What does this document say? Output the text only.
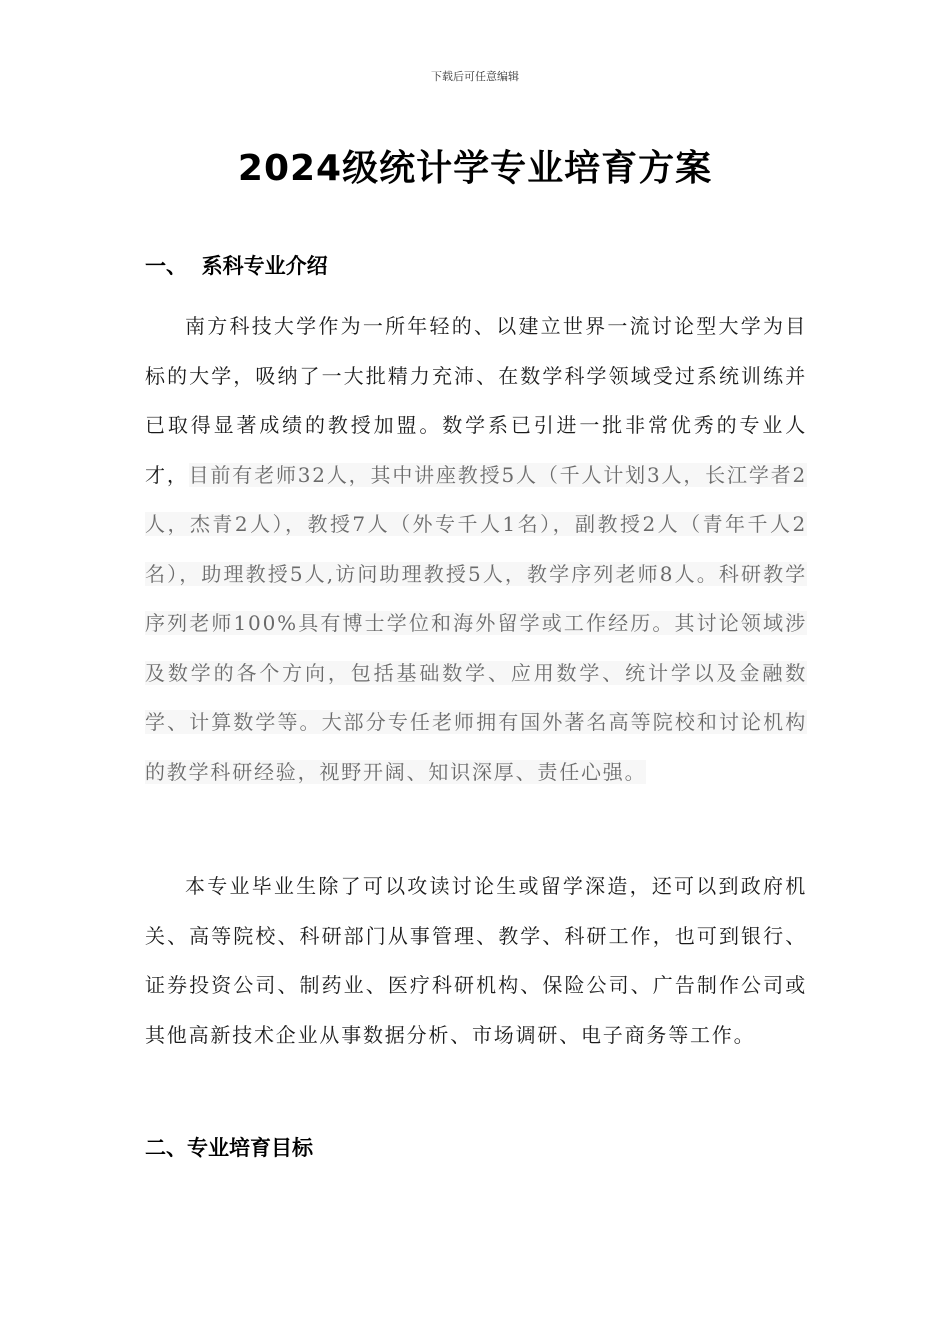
下载后可任意编辑
2024级统计学专业培育方案
一、  系科专业介绍
南方科技大学作为一所年轻的、以建立世界一流讨论型大学为目标的大学，吸纳了一大批精力充沛、在数学科学领域受过系统训练并已取得显著成绩的教授加盟。数学系已引进一批非常优秀的专业人才，目前有老师32人，其中讲座教授5人（千人计划3人，长江学者2人，杰青2人），教授7人（外专千人1名），副教授2人（青年千人2名），助理教授5人,访问助理教授5人，教学序列老师8人。科研教学序列老师100%具有博士学位和海外留学或工作经历。其讨论领域涉及数学的各个方向，包括基础数学、应用数学、统计学以及金融数学、计算数学等。大部分专任老师拥有国外著名高等院校和讨论机构的教学科研经验，视野开阔、知识深厚、责任心强。
本专业毕业生除了可以攻读讨论生或留学深造，还可以到政府机关、高等院校、科研部门从事管理、教学、科研工作，也可到银行、证券投资公司、制药业、医疗科研机构、保险公司、广告制作公司或其他高新技术企业从事数据分析、市场调研、电子商务等工作。
二、专业培育目标
